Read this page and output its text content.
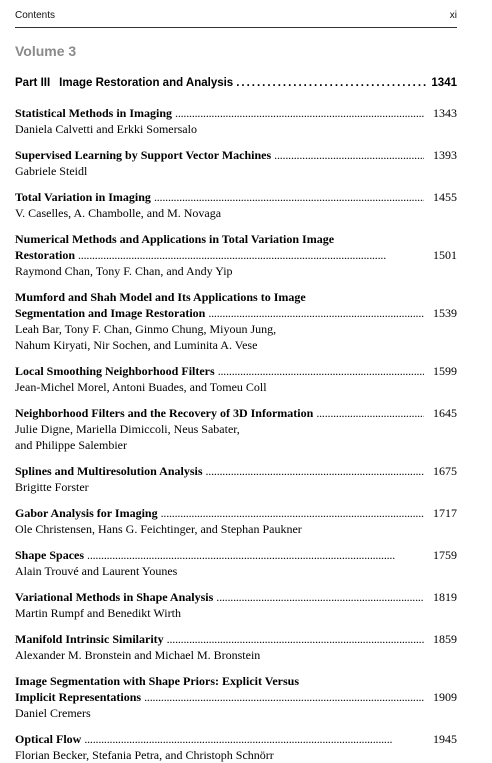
Contents	xi
Volume 3
Part III Image Restoration and Analysis . . .	1341
Statistical Methods in Imaging . . .	1343
Daniela Calvetti and Erkki Somersalo
Supervised Learning by Support Vector Machines . . .	1393
Gabriele Steidl
Total Variation in Imaging . . .	1455
V. Caselles, A. Chambolle, and M. Novaga
Numerical Methods and Applications in Total Variation Image
Restoration . . .	1501
Raymond Chan, Tony F. Chan, and Andy Yip
Mumford and Shah Model and Its Applications to Image
Segmentation and Image Restoration . . .	1539
Leah Bar, Tony F. Chan, Ginmo Chung, Miyoun Jung,
Nahum Kiryati, Nir Sochen, and Luminita A. Vese
Local Smoothing Neighborhood Filters . . .	1599
Jean-Michel Morel, Antoni Buades, and Tomeu Coll
Neighborhood Filters and the Recovery of 3D Information . . .	1645
Julie Digne, Mariella Dimiccoli, Neus Sabater,
and Philippe Salembier
Splines and Multiresolution Analysis . . .	1675
Brigitte Forster
Gabor Analysis for Imaging . . .	1717
Ole Christensen, Hans G. Feichtinger, and Stephan Paukner
Shape Spaces . . .	1759
Alain Trouvé and Laurent Younes
Variational Methods in Shape Analysis . . .	1819
Martin Rumpf and Benedikt Wirth
Manifold Intrinsic Similarity . . .	1859
Alexander M. Bronstein and Michael M. Bronstein
Image Segmentation with Shape Priors: Explicit Versus
Implicit Representations . . .	1909
Daniel Cremers
Optical Flow . . .	1945
Florian Becker, Stefania Petra, and Christoph Schnörr
